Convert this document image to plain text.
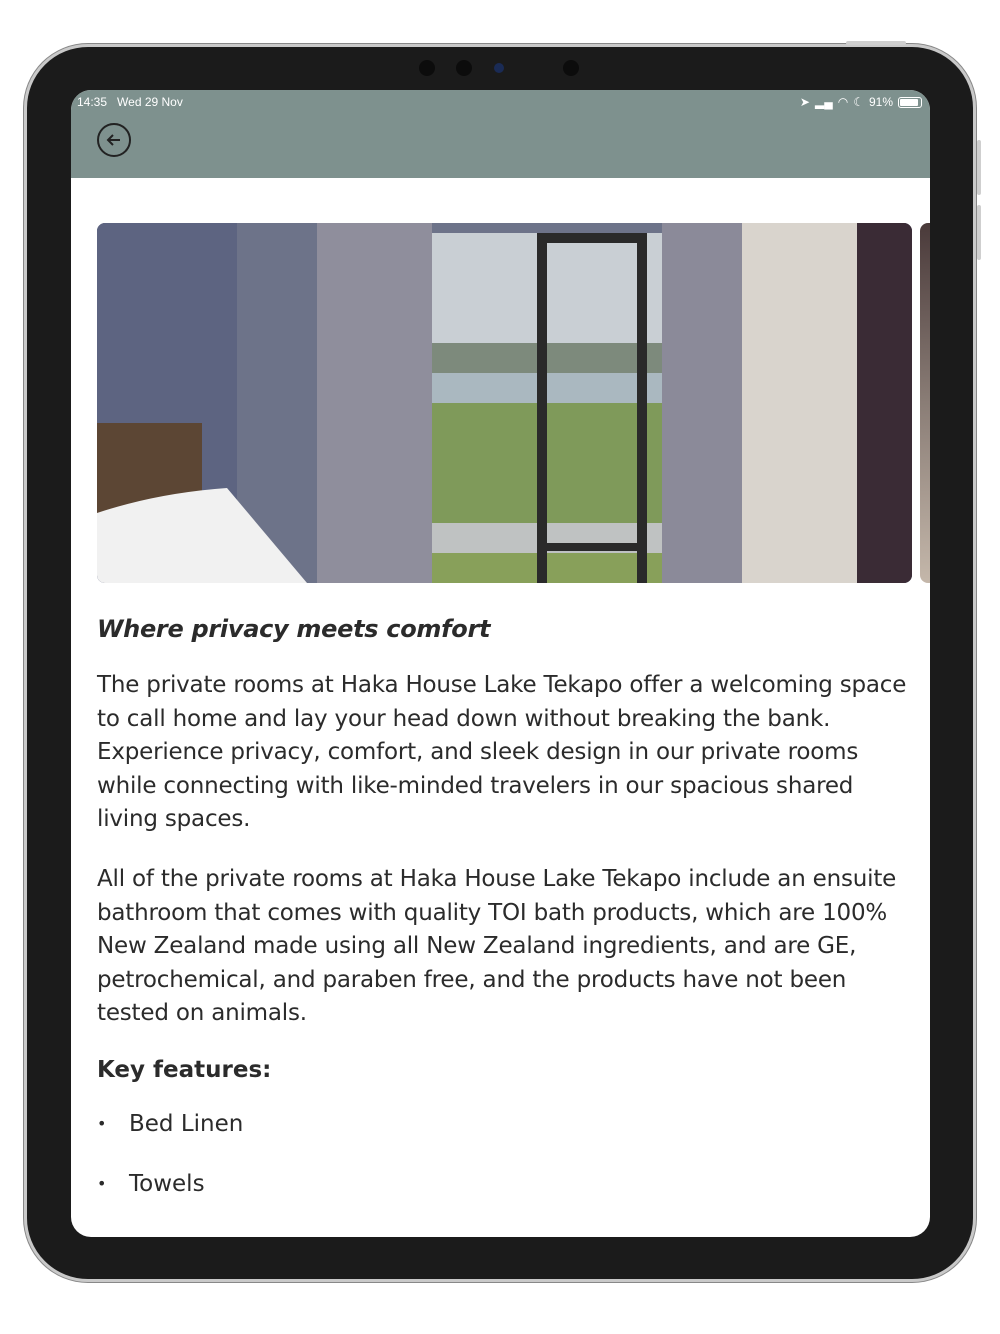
14:35 Wed 29 Nov	➤ ▂▄ ◠ ☾ 91%
Where privacy meets comfort

The private rooms at Haka House Lake Tekapo offer a welcoming space to call home and lay your head down without breaking the bank. Experience privacy, comfort, and sleek design in our private rooms while connecting with like-minded travelers in our spacious shared living spaces.

All of the private rooms at Haka House Lake Tekapo include an ensuite bathroom that comes with quality TOI bath products, which are 100% New Zealand made using all New Zealand ingredients, and are GE, petrochemical, and paraben free, and the products have not been tested on animals.

Key features:
• Bed Linen
• Towels
